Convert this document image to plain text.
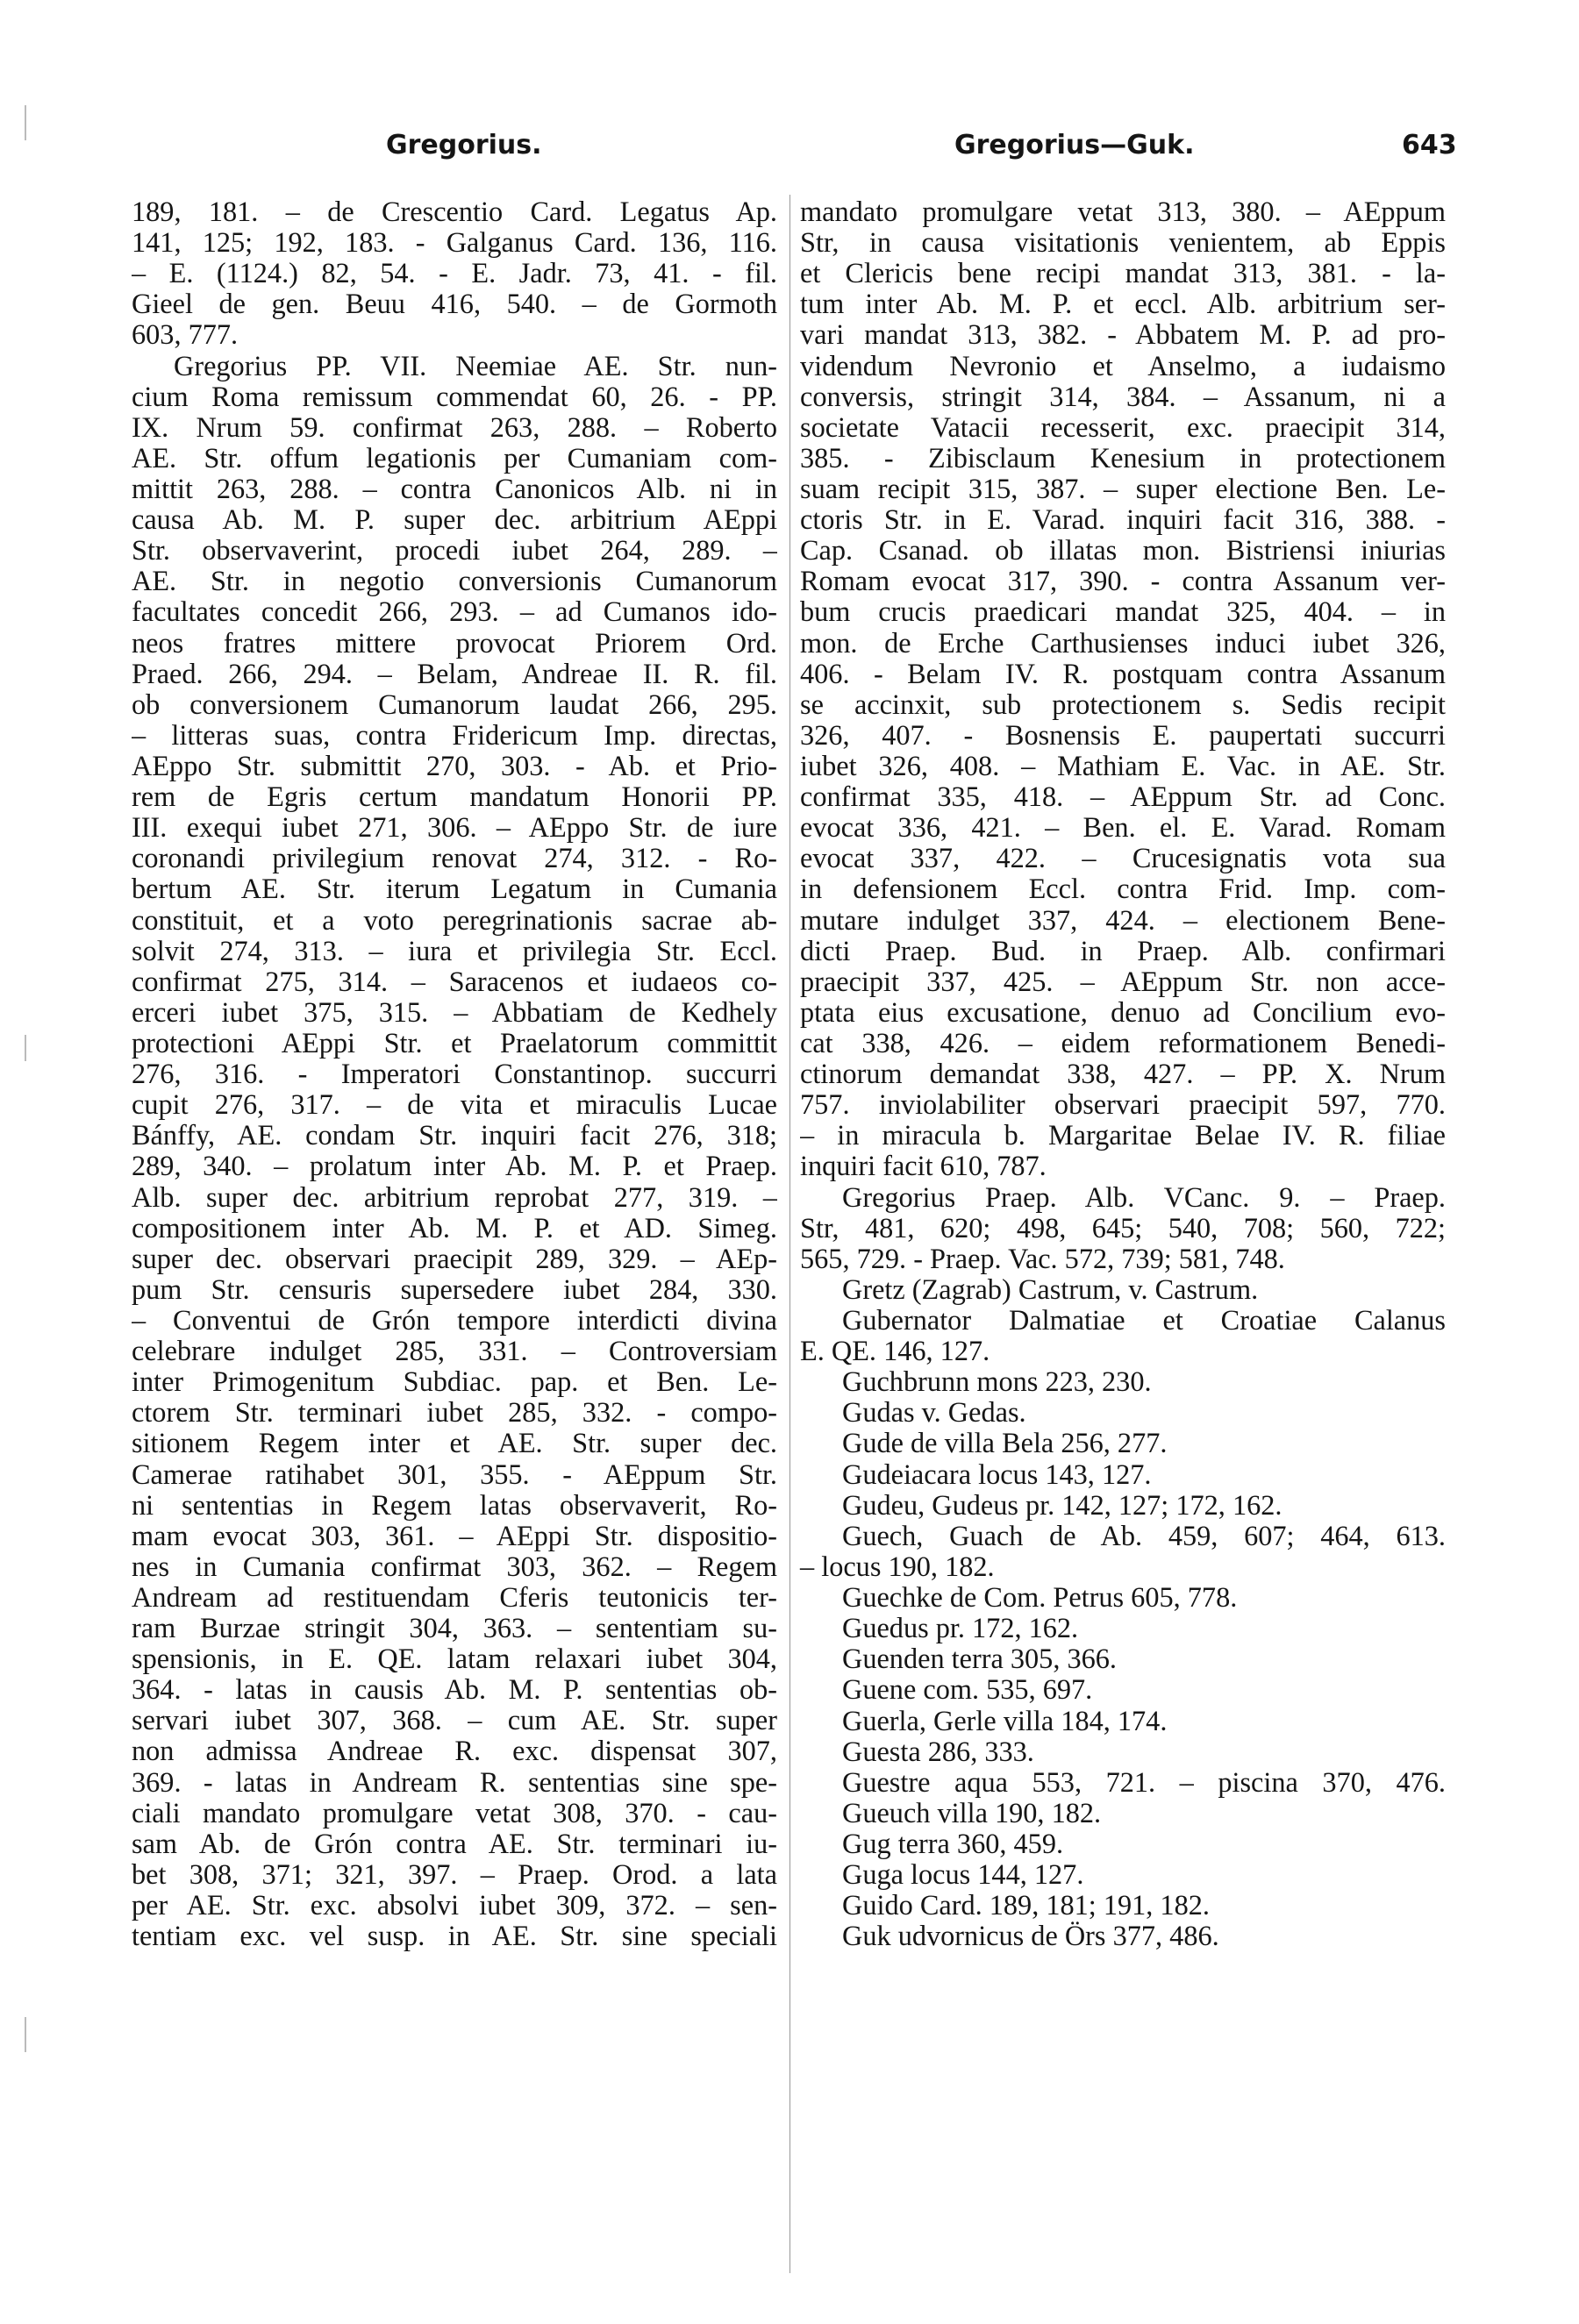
Gregorius.	Gregorius—Guk.	643
189, 181. – de Crescentio Card. Legatus Ap.
141, 125; 192, 183. - Galganus Card. 136, 116.
– E. (1124.) 82, 54. - E. Jadr. 73, 41. - fil.
Gieel de gen. Beuu 416, 540. – de Gormoth
603, 777.
Gregorius PP. VII. Neemiae AE. Str. nun-
cium Roma remissum commendat 60, 26. - PP.
IX. Nrum 59. confirmat 263, 288. – Roberto
AE. Str. offum legationis per Cumaniam com-
mittit 263, 288. – contra Canonicos Alb. ni in
causa Ab. M. P. super dec. arbitrium AEppi
Str. observaverint, procedi iubet 264, 289. –
AE. Str. in negotio conversionis Cumanorum
facultates concedit 266, 293. – ad Cumanos ido-
neos fratres mittere provocat Priorem Ord.
Praed. 266, 294. – Belam, Andreae II. R. fil.
ob conversionem Cumanorum laudat 266, 295.
– litteras suas, contra Fridericum Imp. directas,
AEppo Str. submittit 270, 303. - Ab. et Prio-
rem de Egris certum mandatum Honorii PP.
III. exequi iubet 271, 306. – AEppo Str. de iure
coronandi privilegium renovat 274, 312. - Ro-
bertum AE. Str. iterum Legatum in Cumania
constituit, et a voto peregrinationis sacrae ab-
solvit 274, 313. – iura et privilegia Str. Eccl.
confirmat 275, 314. – Saracenos et iudaeos co-
erceri iubet 375, 315. – Abbatiam de Kedhely
protectioni AEppi Str. et Praelatorum committit
276, 316. - Imperatori Constantinop. succurri
cupit 276, 317. – de vita et miraculis Lucae
Bánffy, AE. condam Str. inquiri facit 276, 318;
289, 340. – prolatum inter Ab. M. P. et Praep.
Alb. super dec. arbitrium reprobat 277, 319. –
compositionem inter Ab. M. P. et AD. Simeg.
super dec. observari praecipit 289, 329. – AEp-
pum Str. censuris supersedere iubet 284, 330.
– Conventui de Grón tempore interdicti divina
celebrare indulget 285, 331. – Controversiam
inter Primogenitum Subdiac. pap. et Ben. Le-
ctorem Str. terminari iubet 285, 332. - compo-
sitionem Regem inter et AE. Str. super dec.
Camerae ratihabet 301, 355. - AEppum Str.
ni sententias in Regem latas observaverit, Ro-
mam evocat 303, 361. – AEppi Str. dispositio-
nes in Cumania confirmat 303, 362. – Regem
Andream ad restituendam Cferis teutonicis ter-
ram Burzae stringit 304, 363. – sententiam su-
spensionis, in E. QE. latam relaxari iubet 304,
364. - latas in causis Ab. M. P. sententias ob-
servari iubet 307, 368. – cum AE. Str. super
non admissa Andreae R. exc. dispensat 307,
369. - latas in Andream R. sententias sine spe-
ciali mandato promulgare vetat 308, 370. - cau-
sam Ab. de Grón contra AE. Str. terminari iu-
bet 308, 371; 321, 397. – Praep. Orod. a lata
per AE. Str. exc. absolvi iubet 309, 372. – sen-
tentiam exc. vel susp. in AE. Str. sine speciali
mandato promulgare vetat 313, 380. – AEppum
Str, in causa visitationis venientem, ab Eppis
et Clericis bene recipi mandat 313, 381. - la-
tum inter Ab. M. P. et eccl. Alb. arbitrium ser-
vari mandat 313, 382. - Abbatem M. P. ad pro-
videndum Nevronio et Anselmo, a iudaismo
conversis, stringit 314, 384. – Assanum, ni a
societate Vatacii recesserit, exc. praecipit 314,
385. - Zibisclaum Kenesium in protectionem
suam recipit 315, 387. – super electione Ben. Le-
ctoris Str. in E. Varad. inquiri facit 316, 388. -
Cap. Csanad. ob illatas mon. Bistriensi iniurias
Romam evocat 317, 390. - contra Assanum ver-
bum crucis praedicari mandat 325, 404. – in
mon. de Erche Carthusienses induci iubet 326,
406. - Belam IV. R. postquam contra Assanum
se accinxit, sub protectionem s. Sedis recipit
326, 407. - Bosnensis E. paupertati succurri
iubet 326, 408. – Mathiam E. Vac. in AE. Str.
confirmat 335, 418. – AEppum Str. ad Conc.
evocat 336, 421. – Ben. el. E. Varad. Romam
evocat 337, 422. – Crucesignatis vota sua
in defensionem Eccl. contra Frid. Imp. com-
mutare indulget 337, 424. – electionem Bene-
dicti Praep. Bud. in Praep. Alb. confirmari
praecipit 337, 425. – AEppum Str. non acce-
ptata eius excusatione, denuo ad Concilium evo-
cat 338, 426. – eidem reformationem Benedi-
ctinorum demandat 338, 427. – PP. X. Nrum
757. inviolabiliter observari praecipit 597, 770.
– in miracula b. Margaritae Belae IV. R. filiae
inquiri facit 610, 787.
Gregorius Praep. Alb. VCanc. 9. – Praep.
Str, 481, 620; 498, 645; 540, 708; 560, 722;
565, 729. - Praep. Vac. 572, 739; 581, 748.
Gretz (Zagrab) Castrum, v. Castrum.
Gubernator Dalmatiae et Croatiae Calanus
E. QE. 146, 127.
Guchbrunn mons 223, 230.
Gudas v. Gedas.
Gude de villa Bela 256, 277.
Gudeiacara locus 143, 127.
Gudeu, Gudeus pr. 142, 127; 172, 162.
Guech, Guach de Ab. 459, 607; 464, 613.
– locus 190, 182.
Guechke de Com. Petrus 605, 778.
Guedus pr. 172, 162.
Guenden terra 305, 366.
Guene com. 535, 697.
Guerla, Gerle villa 184, 174.
Guesta 286, 333.
Guestre aqua 553, 721. – piscina 370, 476.
Gueuch villa 190, 182.
Gug terra 360, 459.
Guga locus 144, 127.
Guido Card. 189, 181; 191, 182.
Guk udvornicus de Örs 377, 486.
